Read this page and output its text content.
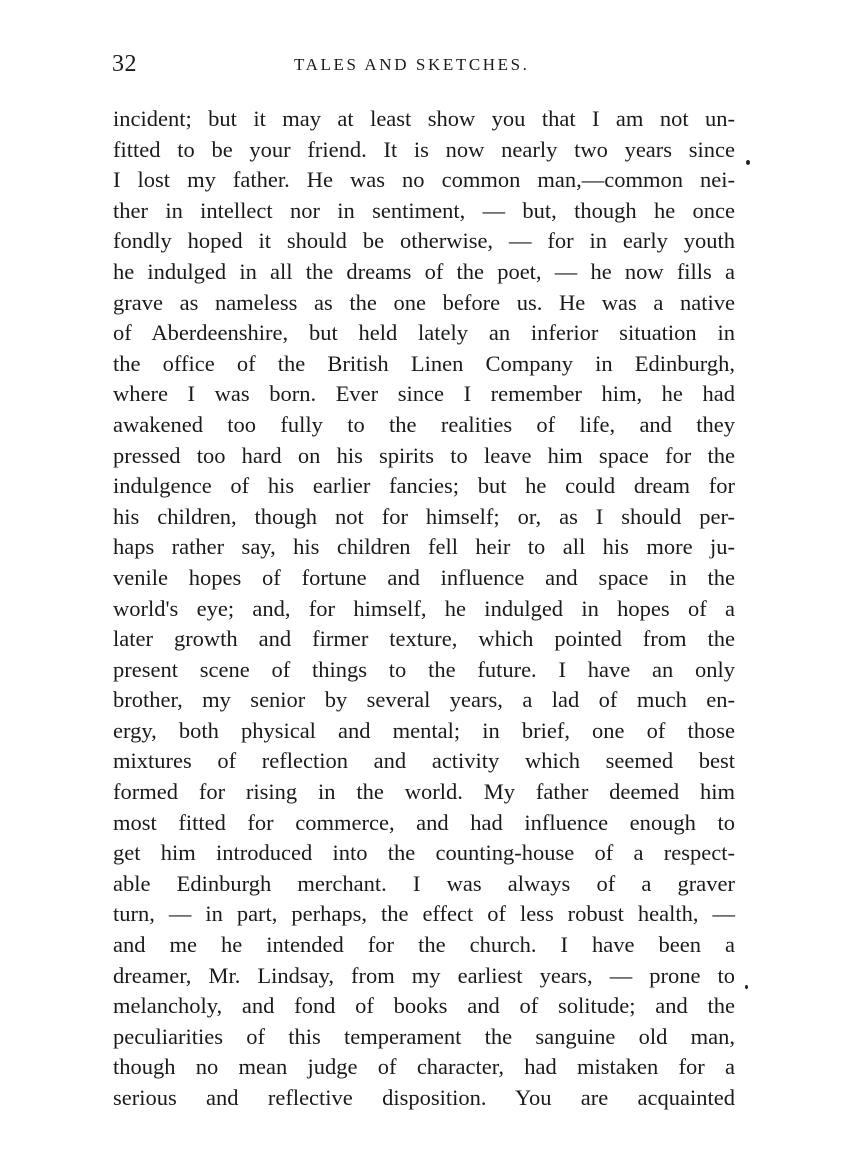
32	TALES AND SKETCHES.
incident; but it may at least show you that I am not un-
fitted to be your friend. It is now nearly two years since
I lost my father. He was no common man,—common nei-
ther in intellect nor in sentiment, — but, though he once
fondly hoped it should be otherwise, — for in early youth
he indulged in all the dreams of the poet, — he now fills a
grave as nameless as the one before us. He was a native
of Aberdeenshire, but held lately an inferior situation in
the office of the British Linen Company in Edinburgh,
where I was born. Ever since I remember him, he had
awakened too fully to the realities of life, and they
pressed too hard on his spirits to leave him space for the
indulgence of his earlier fancies; but he could dream for
his children, though not for himself; or, as I should per-
haps rather say, his children fell heir to all his more ju-
venile hopes of fortune and influence and space in the
world's eye; and, for himself, he indulged in hopes of a
later growth and firmer texture, which pointed from the
present scene of things to the future. I have an only
brother, my senior by several years, a lad of much en-
ergy, both physical and mental; in brief, one of those
mixtures of reflection and activity which seemed best
formed for rising in the world. My father deemed him
most fitted for commerce, and had influence enough to
get him introduced into the counting-house of a respect-
able Edinburgh merchant. I was always of a graver
turn, — in part, perhaps, the effect of less robust health, —
and me he intended for the church. I have been a
dreamer, Mr. Lindsay, from my earliest years, — prone to
melancholy, and fond of books and of solitude; and the
peculiarities of this temperament the sanguine old man,
though no mean judge of character, had mistaken for a
serious and reflective disposition. You are acquainted
